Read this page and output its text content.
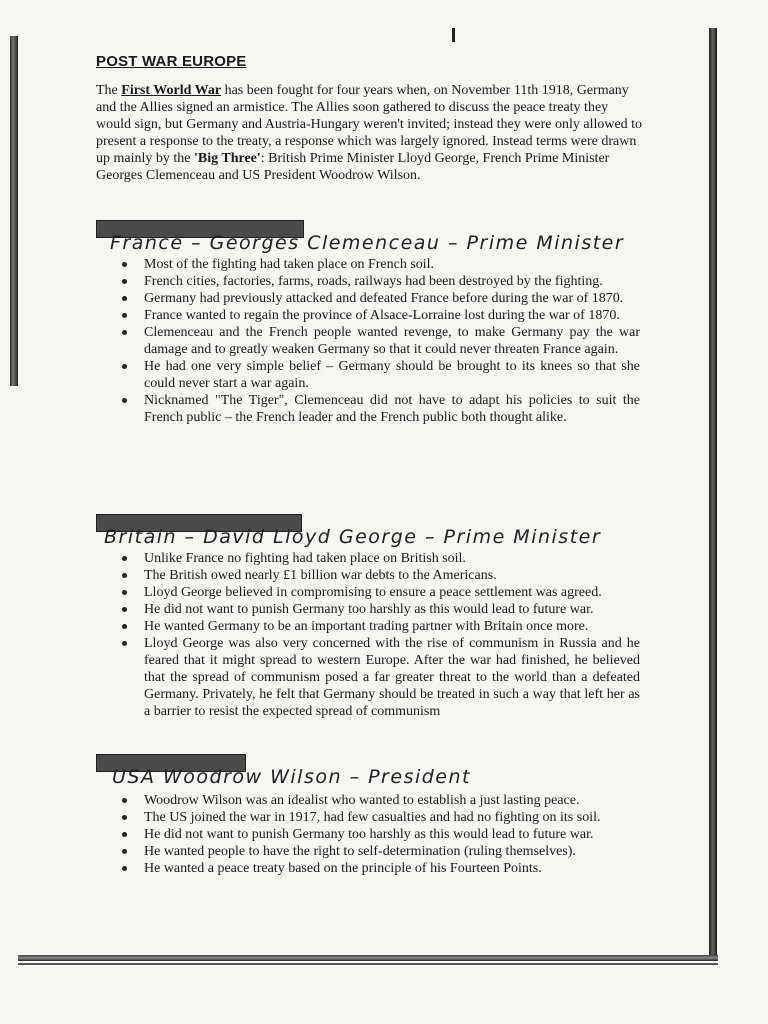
POST WAR EUROPE
The First World War has been fought for four years when, on November 11th 1918, Germany and the Allies signed an armistice. The Allies soon gathered to discuss the peace treaty they would sign, but Germany and Austria-Hungary weren't invited; instead they were only allowed to present a response to the treaty, a response which was largely ignored. Instead terms were drawn up mainly by the 'Big Three': British Prime Minister Lloyd George, French Prime Minister Georges Clemenceau and US President Woodrow Wilson.
France – Georges Clemenceau – Prime Minister
Most of the fighting had taken place on French soil.
French cities, factories, farms, roads, railways had been destroyed by the fighting.
Germany had previously attacked and defeated France before during the war of 1870.
France wanted to regain the province of Alsace-Lorraine lost during the war of 1870.
Clemenceau and the French people wanted revenge, to make Germany pay the war damage and to greatly weaken Germany so that it could never threaten France again.
He had one very simple belief – Germany should be brought to its knees so that she could never start a war again.
Nicknamed "The Tiger", Clemenceau did not have to adapt his policies to suit the French public – the French leader and the French public both thought alike.
Britain – David Lloyd George – Prime Minister
Unlike France no fighting had taken place on British soil.
The British owed nearly £1 billion war debts to the Americans.
Lloyd George believed in compromising to ensure a peace settlement was agreed.
He did not want to punish Germany too harshly as this would lead to future war.
He wanted Germany to be an important trading partner with Britain once more.
Lloyd George was also very concerned with the rise of communism in Russia and he feared that it might spread to western Europe. After the war had finished, he believed that the spread of communism posed a far greater threat to the world than a defeated Germany. Privately, he felt that Germany should be treated in such a way that left her as a barrier to resist the expected spread of communism
USA Woodrow Wilson – President
Woodrow Wilson was an idealist who wanted to establish a just lasting peace.
The US joined the war in 1917, had few casualties and had no fighting on its soil.
He did not want to punish Germany too harshly as this would lead to future war.
He wanted people to have the right to self-determination (ruling themselves).
He wanted a peace treaty based on the principle of his Fourteen Points.
